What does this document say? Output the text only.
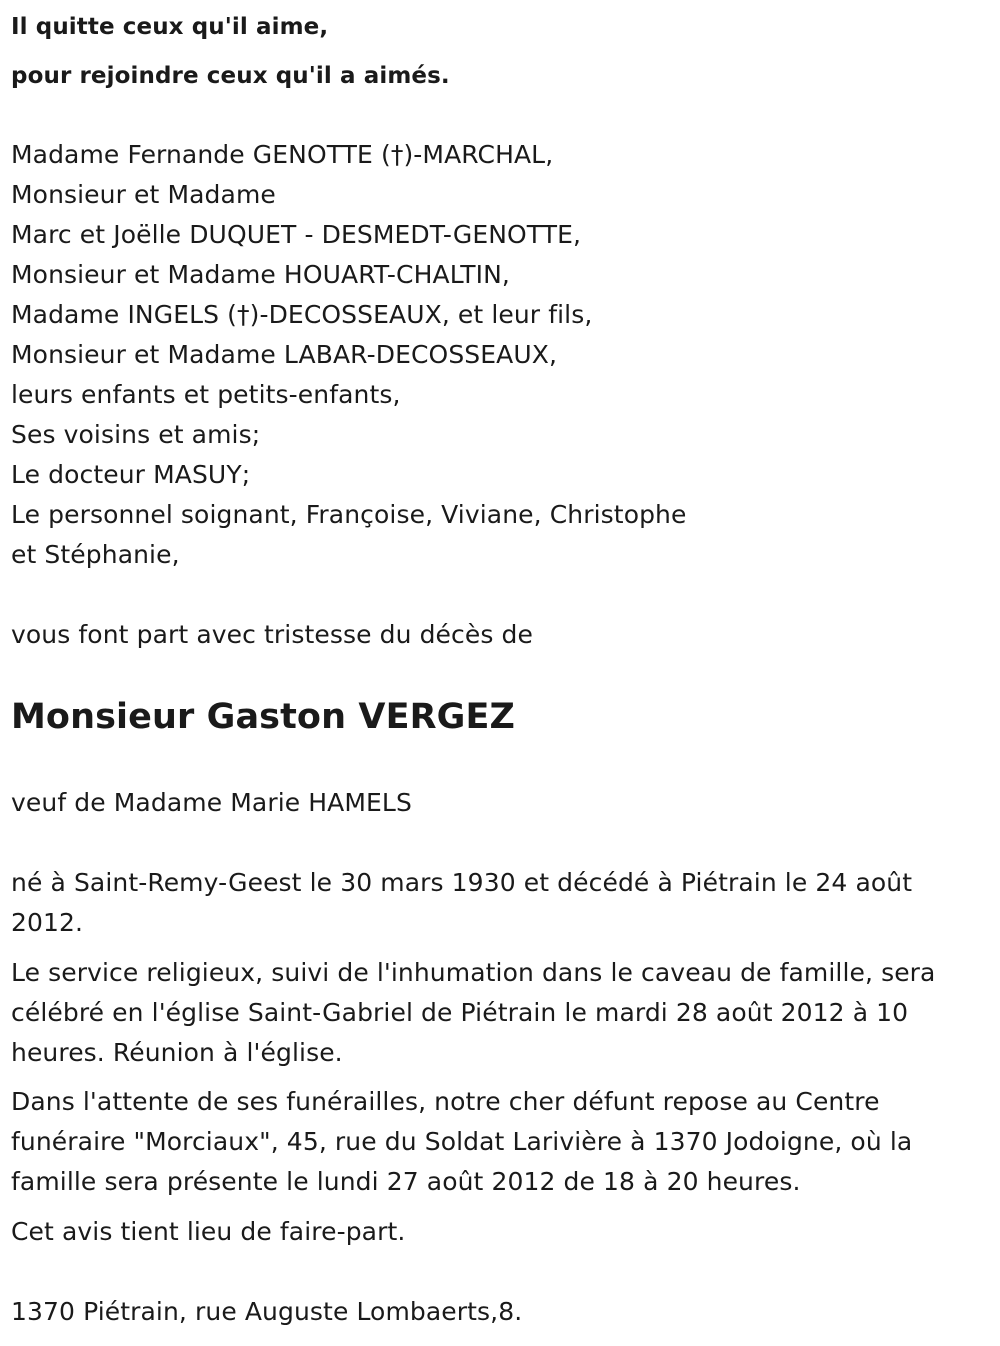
Il quitte ceux qu'il aime,
pour rejoindre ceux qu'il a aimés.
Madame Fernande GENOTTE (†)-MARCHAL,
Monsieur et Madame
Marc et Joëlle DUQUET - DESMEDT-GENOTTE,
Monsieur et Madame HOUART-CHALTIN,
Madame INGELS (†)-DECOSSEAUX, et leur fils,
Monsieur et Madame LABAR-DECOSSEAUX,
leurs enfants et petits-enfants,
Ses voisins et amis;
Le docteur MASUY;
Le personnel soignant, Françoise, Viviane, Christophe
et Stéphanie,
vous font part avec tristesse du décès de
Monsieur Gaston VERGEZ
veuf de Madame Marie HAMELS
né à Saint-Remy-Geest le 30 mars 1930 et décédé à Piétrain le 24 août
2012.
Le service religieux, suivi de l'inhumation dans le caveau de famille, sera
célébré en l'église Saint-Gabriel de Piétrain le mardi 28 août 2012 à 10
heures. Réunion à l'église.
Dans l'attente de ses funérailles, notre cher défunt repose au Centre
funéraire "Morciaux", 45, rue du Soldat Larivière à 1370 Jodoigne, où la
famille sera présente le lundi 27 août 2012 de 18 à 20 heures.
Cet avis tient lieu de faire-part.
1370 Piétrain, rue Auguste Lombaerts,8.
